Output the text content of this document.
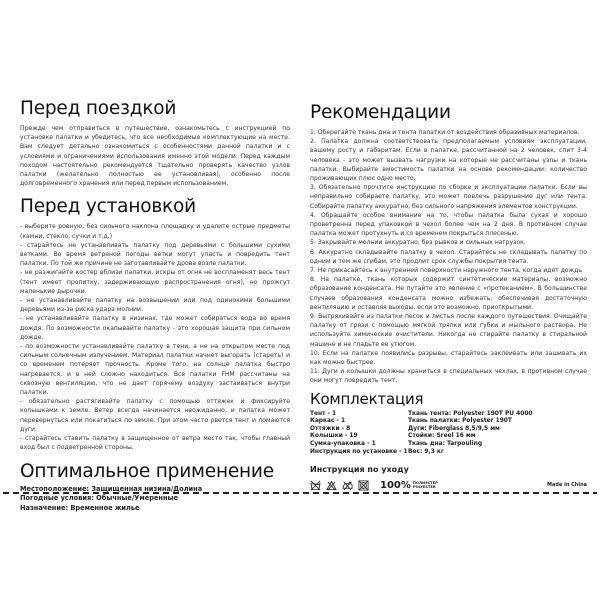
Перед поездкой

Прежде чем отправиться в путешествие, ознакомьтесь с инструкцией по установке палатки и убедитесь, что все необходимые комплектующие на месте. Вам следует детально ознакомиться с особенностями данной палатки и с условиями и ограничениями использования именно этой модели. Перед каждым походом настоятельно рекомендуется тщательно проверять качество узлов палатки (желательно полностью ее установливая), особенно после долговременного хранения или перед первым использованием.

Перед установкой

- выберите ровную, без сильного наклона площадку и удалите острые предметы (камни, стекло, сучки и т.д.)

- старайтесь не устанавливать палатку под деревьями с большими сухими ветками. Во время ветреной погоды ветки могут упасть и повредить тент палатки. По той же причине не заготавливайте дрова возле палатки.

- не разжигайте костер вблизи палатки, искры от огня не воспламенят весь тент (тент имеет пропитку, задерживающую распространения огня), но прожгут маленькие дырочки.

- не устанавливайте палатку на возвышении или под одинокими большими деревьями из-за риска удара молнии.

- не устанавливайте палатку в низинах, где может собираться вода во время дождя. По возможности окапывайте палатку - это хорошая защита при сильном дожде.

- по возможности устанавливайте палатку в тени, а не на открытом месте под сильным солнечным излучением. Материал палатки начнет выгорать (стареть) и со временем потеряет прочность. Кроме того, на солнце палатка быстро нагревается, и в ней сложно находиться. Все палатки FHM рассчитаны на сквозную вентиляцию, что не дает горячему воздуху застаиваться внутри палатки.

- обязательно растягивайте палатку с помощью оттяжек и фиксируйте колышками к земле. Ветер всегда начинается неожиданно, и палатка может перевернуться или покатиться по земле. При этом часто рвется тент и ломаются дуги.

- старайтесь ставить палатку в защищенное от ветра место так, чтобы главный вход был с подветренной стороны.

Оптимальное применение
Местоположение: Защищенная низина/Долина
Погодные условия: Обычные/Умеренные
Назначение: Временное жилье
Рекомендации

1. Оберегайте ткань дна и тента палатки от воздействия образивных материалов.

2. Палатка должна соответствовать предполагаемым условиям эксплуатации, вашему росту и габаритам. Если в палатке, рассчитанной на 2 человек, спит 3-4 человека - это может вызвать нагрузки на которые не рассчитаны узлы и ткань палатки. Выбирайте вместимость палатки на основе рекомендации: количество проживающих плюс одно место.

3. Обязательно прочтите инструкцию по сборке и эксплуатации палатки. Если вы неправильно собираете палатку, это может повлечь разрушение дуг или тента. Собирайте палатку аккуратно, без сильного напряжения элементов конструкции.

4. Обращайте особое внимание на то, чтобы палатка была сухая и хорошо проветренна перед упаковкой в чехол более чем на 2 дня. В противном случае палатка может протухнуть и со временем покрыться плесенью.

5. Закрывайте молнии аккуратно, без рывков и сильных нагрузок.

6. Аккуратно складывайте палатку в чехол. Старайтесь не складывать палатку по одним и тем же сгибам, это продлит срок службы покрытия тента.

7. Не прикасайтесь к внутренней поверхности наружного тента, когда идет дождь

8. На палатке, ткань которых содержит синтетические материалы, возможно образование конденсата. Не путайте это явление с «протеканием». В большинстве случаев образования конденсата можно избежать, обеспечивая достаточную вентиляцию и оставляя выходы, если это возможно, приоткрытыми.

9. Вытряхивайте из палатки песок и листья после каждого путешествия. Очищайте палатку от грязи с помощью мягкой тряпки или губки и мыльного раствора. Не используйте химические очистители. Никогда не стирайте палатку в стиральной машине и не гладьте ее утюгом.

10. Если на палатке появились разрывы, старайтесь заклеивать или зашивать их как можно быстрее.

11. Дуги и колышки должны храниться в специальных чехлах, в противном случае они могут повредить тент.

Комплектация
Тент - 1
Каркас - 1
Оттяжки - 8
Колышки - 19
Сумка-упаковка - 1
Инструкция по установке - 1
Ткань тента: Polyester 190T PU 4000
Ткань палатки: Polyester 190T
Дуги: Fiberglass 8,5/9,5 мм
Стойки: Sreel 16 мм
Ткань дна: Tarpouling
Вес: 9,3 кг
Инструкция по уходу
100% ПОЛИЭСТЕР
POLYESTER	Made in China
